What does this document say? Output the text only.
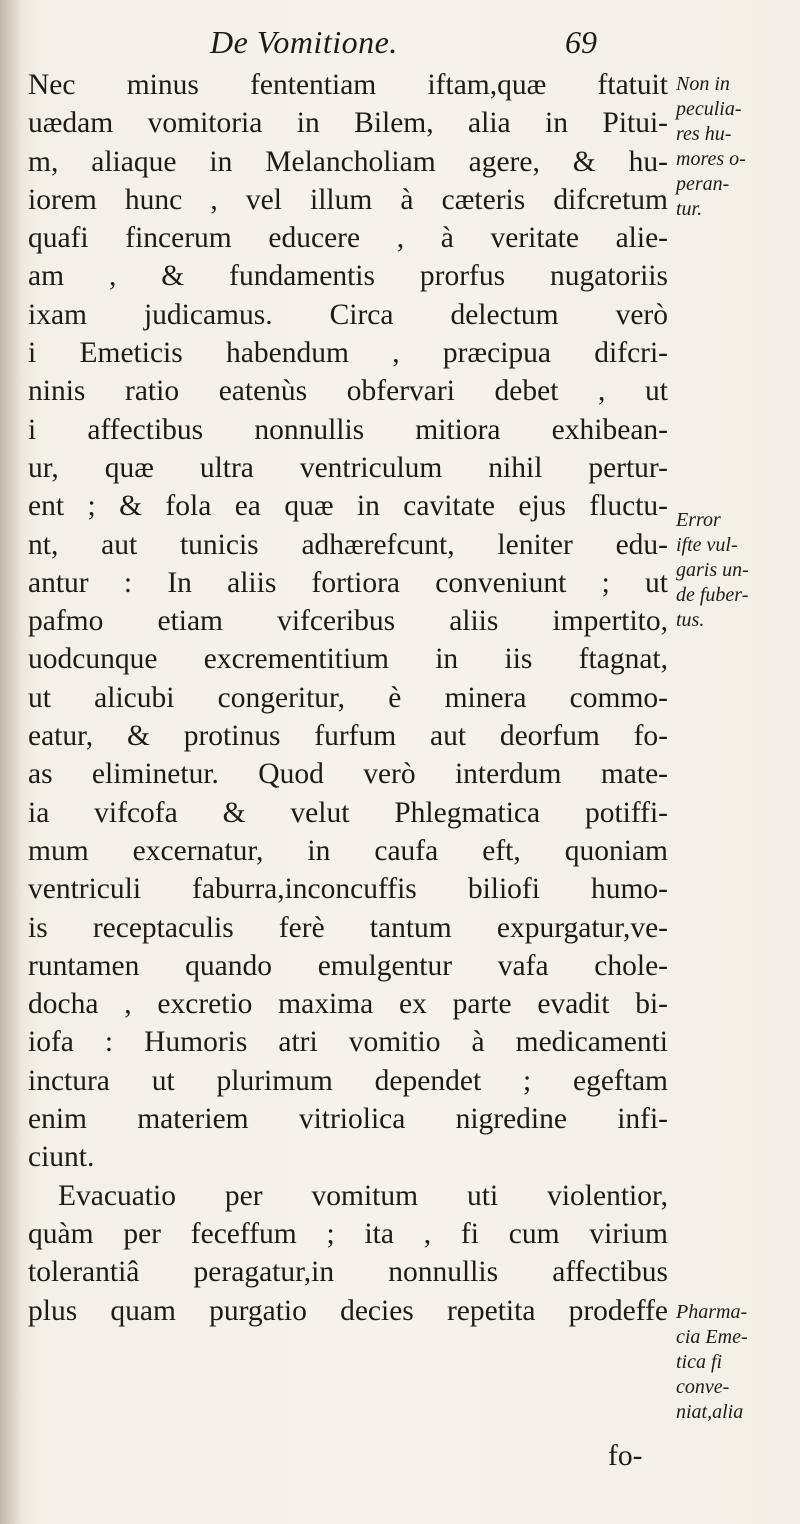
De Vomitione.	69
Nec minus fententiam iftam,quæ ftatuit
uædam vomitoria in Bilem, alia in Pitui-
m, aliaque in Melancholiam agere, & hu-
iorem hunc , vel illum à cæteris difcretum
quafi fincerum educere , à veritate alie-
am , & fundamentis prorfus nugatoriis
ixam judicamus. Circa delectum verò
i Emeticis habendum , præcipua difcri-
ninis ratio eatenùs obfervari debet , ut
i affectibus nonnullis mitiora exhibean-
ur, quæ ultra ventriculum nihil pertur-
ent ; & fola ea quæ in cavitate ejus fluctu-
nt, aut tunicis adhærefcunt, leniter edu-
antur : In aliis fortiora conveniunt ; ut
pafmo etiam vifceribus aliis impertito,
uodcunque excrementitium in iis ftagnat,
ut alicubi congeritur, è minera commo-
eatur, & protinus furfum aut deorfum fo-
as eliminetur. Quod verò interdum mate-
ia vifcofa & velut Phlegmatica potiffi-
mum excernatur, in caufa eft, quoniam
ventriculi faburra,inconcuffis biliofi humo-
is receptaculis ferè tantum expurgatur,ve-
runtamen quando emulgentur vafa chole-
docha , excretio maxima ex parte evadit bi-
iofa : Humoris atri vomitio à medicamenti
inctura ut plurimum dependet ; egeftam
enim materiem vitriolica nigredine infi-
ciunt.
Evacuatio per vomitum uti violentior,
quàm per feceffum ; ita , fi cum virium
tolerantiâ peragatur,in nonnullis affectibus
plus quam purgatio decies repetita prodeffe
fo-
Non in
peculia-
res hu-
mores o-
peran-
tur.
Error
ifte vul-
garis un-
de fuber-
tus.
Pharma-
cia Eme-
tica fi
conve-
niat,alia
